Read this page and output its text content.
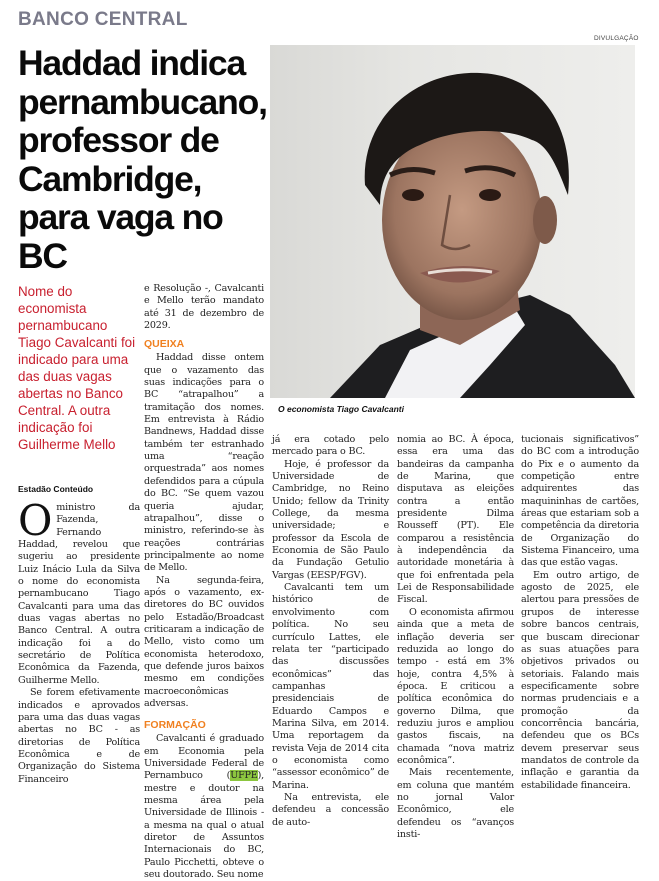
BANCO CENTRAL
Haddad indica pernambucano, professor de Cambridge, para vaga no BC
DIVULGAÇÃO
O economista Tiago Cavalcanti
Nome do economista pernambucano Tiago Cavalcanti foi indicado para uma das duas vagas abertas no Banco Central. A outra indicação foi Guilherme Mello
Estadão Conteúdo

Oministro da Fazenda, Fernando Haddad, revelou que sugeriu ao presidente Luiz Inácio Lula da Silva o nome do economista pernambucano Tiago Cavalcanti para uma das duas vagas abertas no Banco Central. A outra indicação foi a do secretário de Política Econômica da Fazenda, Guilherme Mello.

Se forem efetivamente indicados e aprovados para uma das duas vagas abertas no BC - as diretorias de Política Econômica e de Organização do Sistema Financeiro

e Resolução -, Cavalcanti e Mello terão mandato até 31 de dezembro de 2029.

QUEIXA

Haddad disse ontem que o vazamento das suas indicações para o BC “atrapalhou” a tramitação dos nomes. Em entrevista à Rádio Bandnews, Haddad disse também ter estranhado uma “reação orquestrada” aos nomes defendidos para a cúpula do BC. “Se quem vazou queria ajudar, atrapalhou”, disse o ministro, referindo-se às reações contrárias principalmente ao nome de Mello.

Na segunda-feira, após o vazamento, ex-diretores do BC ouvidos pelo Estadão/Broadcast criticaram a indicação de Mello, visto como um economista heterodoxo, que defende juros baixos mesmo em condições macroeconômicas adversas.

FORMAÇÃO

Cavalcanti é graduado em Economia pela Universidade Federal de Pernambuco (UFPE), mestre e doutor na mesma área pela Universidade de Illinois - a mesma na qual o atual diretor de Assuntos Internacionais do BC, Paulo Picchetti, obteve o seu doutorado. Seu nome

já era cotado pelo mercado para o BC.

Hoje, é professor da Universidade de Cambridge, no Reino Unido; fellow da Trinity College, da mesma universidade; e professor da Escola de Economia de São Paulo da Fundação Getulio Vargas (EESP/FGV).

Cavalcanti tem um histórico de envolvimento com política. No seu currículo Lattes, ele relata ter “participado das discussões econômicas” das campanhas presidenciais de Eduardo Campos e Marina Silva, em 2014. Uma reportagem da revista Veja de 2014 cita o economista como “assessor econômico” de Marina.

Na entrevista, ele defendeu a concessão de auto-

nomia ao BC. À época, essa era uma das bandeiras da campanha de Marina, que disputava as eleições contra a então presidente Dilma Rousseff (PT). Ele comparou a resistência à independência da autoridade monetária à que foi enfrentada pela Lei de Responsabilidade Fiscal.

O economista afirmou ainda que a meta de inflação deveria ser reduzida ao longo do tempo - está em 3% hoje, contra 4,5% à época. E criticou a política econômica do governo Dilma, que reduziu juros e ampliou gastos fiscais, na chamada “nova matriz econômica”.

Mais recentemente, em coluna que mantém no jornal Valor Econômico, ele defendeu os “avanços insti-

tucionais significativos” do BC com a introdução do Pix e o aumento da competição entre adquirentes das maquininhas de cartões, áreas que estariam sob a competência da diretoria de Organização do Sistema Financeiro, uma das que estão vagas.

Em outro artigo, de agosto de 2025, ele alertou para pressões de grupos de interesse sobre bancos centrais, que buscam direcionar as suas atuações para objetivos privados ou setoriais. Falando mais especificamente sobre normas prudenciais e a promoção da concorrência bancária, defendeu que os BCs devem preservar seus mandatos de controle da inflação e garantia da estabilidade financeira.
